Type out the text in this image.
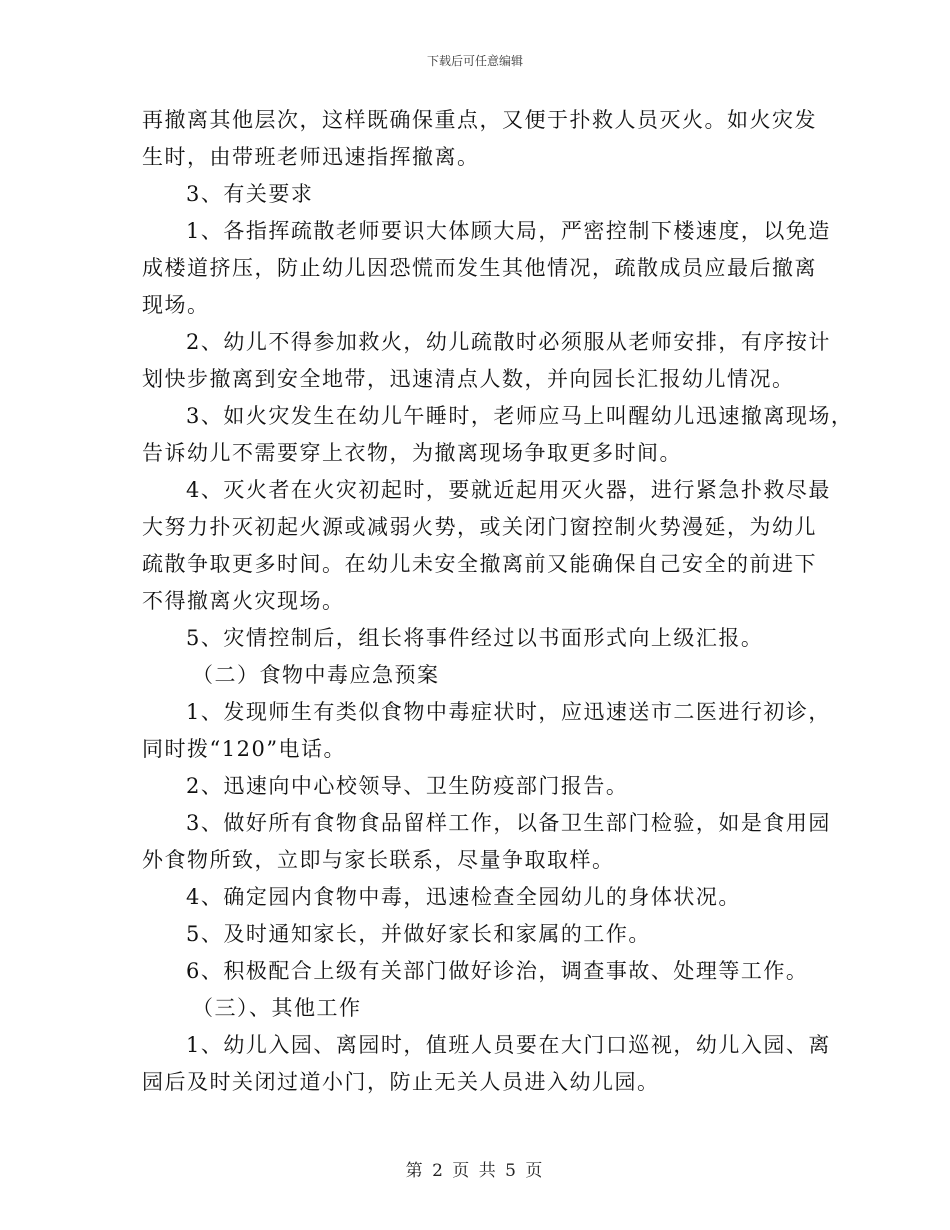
下载后可任意编辑
再撤离其他层次，这样既确保重点，又便于扑救人员灭火。如火灾发
生时，由带班老师迅速指挥撤离。
3、有关要求
1、各指挥疏散老师要识大体顾大局，严密控制下楼速度，以免造
成楼道挤压，防止幼儿因恐慌而发生其他情况，疏散成员应最后撤离
现场。
2、幼儿不得参加救火，幼儿疏散时必须服从老师安排，有序按计
划快步撤离到安全地带，迅速清点人数，并向园长汇报幼儿情况。
3、如火灾发生在幼儿午睡时，老师应马上叫醒幼儿迅速撤离现场，
告诉幼儿不需要穿上衣物，为撤离现场争取更多时间。
4、灭火者在火灾初起时，要就近起用灭火器，进行紧急扑救尽最
大努力扑灭初起火源或减弱火势，或关闭门窗控制火势漫延，为幼儿
疏散争取更多时间。在幼儿未安全撤离前又能确保自己安全的前进下
不得撤离火灾现场。
5、灾情控制后，组长将事件经过以书面形式向上级汇报。
（二）食物中毒应急预案
1、发现师生有类似食物中毒症状时，应迅速送市二医进行初诊，
同时拨“120”电话。
2、迅速向中心校领导、卫生防疫部门报告。
3、做好所有食物食品留样工作，以备卫生部门检验，如是食用园
外食物所致，立即与家长联系，尽量争取取样。
4、确定园内食物中毒，迅速检查全园幼儿的身体状况。
5、及时通知家长，并做好家长和家属的工作。
6、积极配合上级有关部门做好诊治，调查事故、处理等工作。
（三）、其他工作
1、幼儿入园、离园时，值班人员要在大门口巡视，幼儿入园、离
园后及时关闭过道小门，防止无关人员进入幼儿园。
第 2 页 共 5 页
